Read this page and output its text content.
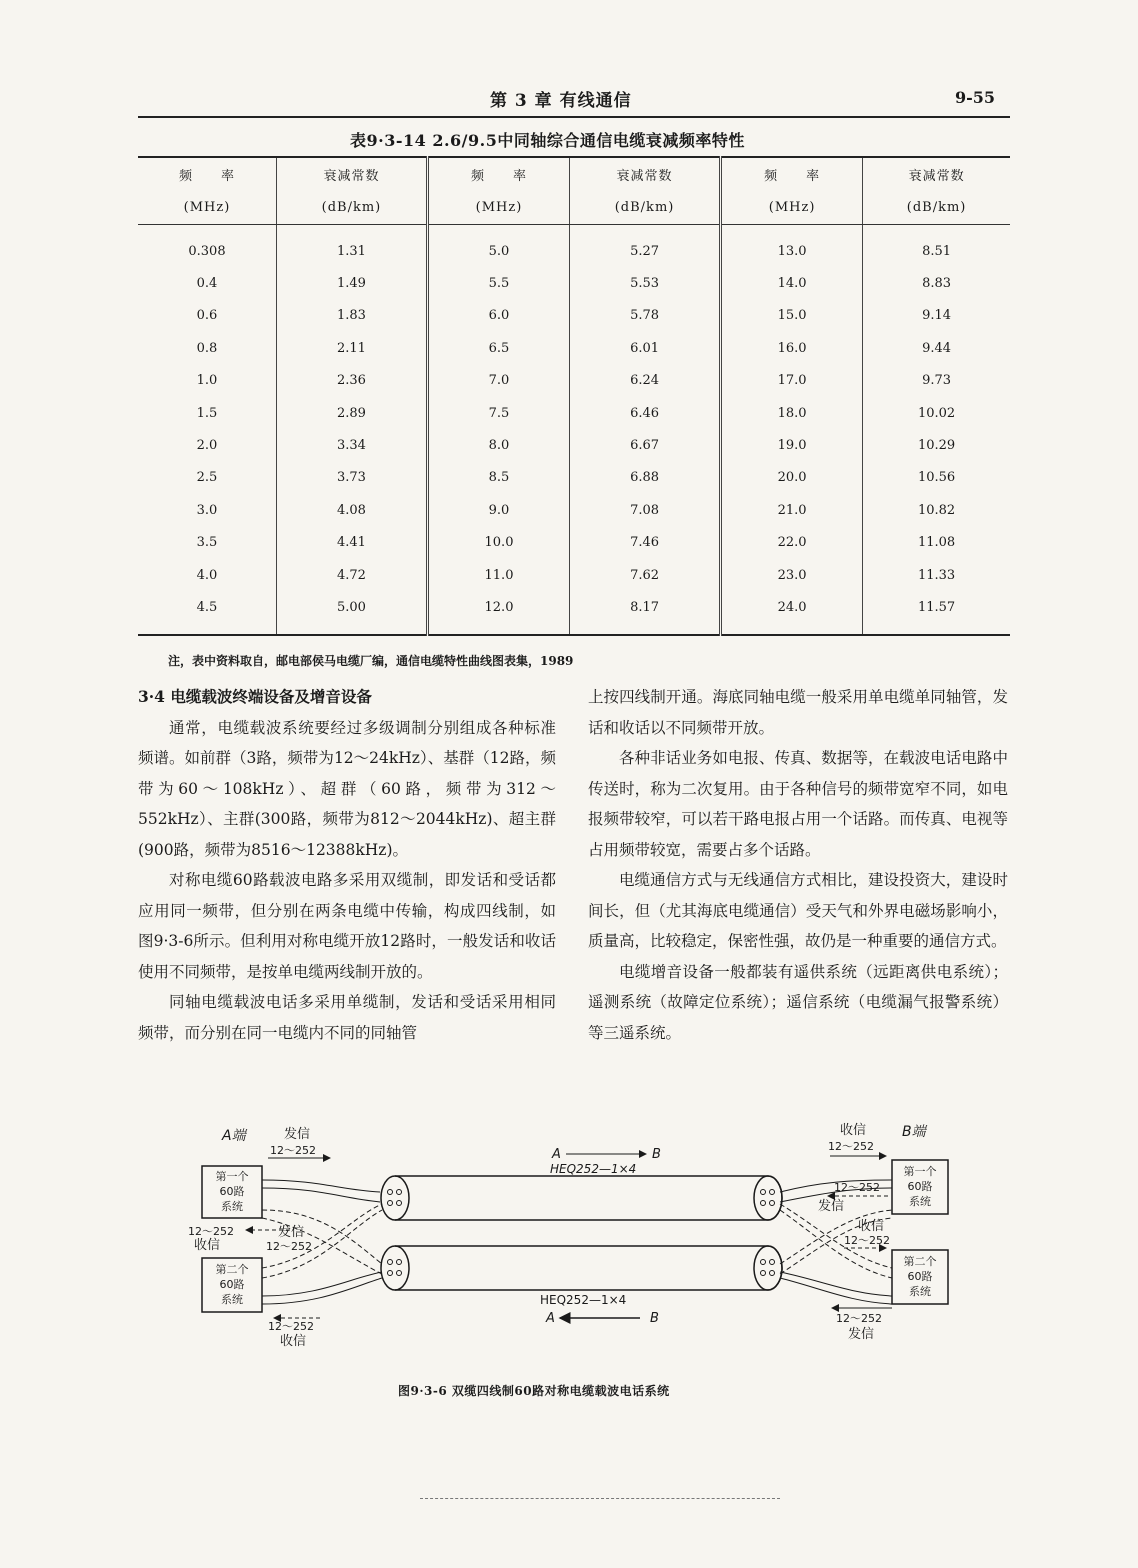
第 3 章 有线通信	9-55
表9·3-14 2.6/9.5中同轴综合通信电缆衰减频率特性
频　　率	衰减常数	频　　率	衰减常数	频　　率	衰减常数
(MHz)	(dB/km)	(MHz)	(dB/km)	(MHz)	(dB/km)
0.308	1.31	5.0	5.27	13.0	8.51
0.4	1.49	5.5	5.53	14.0	8.83
0.6	1.83	6.0	5.78	15.0	9.14
0.8	2.11	6.5	6.01	16.0	9.44
1.0	2.36	7.0	6.24	17.0	9.73
1.5	2.89	7.5	6.46	18.0	10.02
2.0	3.34	8.0	6.67	19.0	10.29
2.5	3.73	8.5	6.88	20.0	10.56
3.0	4.08	9.0	7.08	21.0	10.82
3.5	4.41	10.0	7.46	22.0	11.08
4.0	4.72	11.0	7.62	23.0	11.33
4.5	5.00	12.0	8.17	24.0	11.57
注，表中资料取自，邮电部侯马电缆厂编，通信电缆特性曲线图表集，1989

3·4 电缆载波终端设备及增音设备

通常，电缆载波系统要经过多级调制分别组成各种标准频谱。如前群（3路，频带为12～24kHz）、基群（12路，频带为60～108kHz）、超群（60路，频带为312～552kHz）、主群(300路，频带为812～2044kHz)、超主群(900路，频带为8516～12388kHz)。

对称电缆60路载波电路多采用双缆制，即发话和受话都应用同一频带，但分别在两条电缆中传输，构成四线制，如图9·3-6所示。但利用对称电缆开放12路时，一般发话和收话使用不同频带，是按单电缆两线制开放的。

同轴电缆载波电话多采用单缆制，发话和受话采用相同频带，而分别在同一电缆内不同的同轴管

上按四线制开通。海底同轴电缆一般采用单电缆单同轴管，发话和收话以不同频带开放。

各种非话业务如电报、传真、数据等，在载波电话电路中传送时，称为二次复用。由于各种信号的频带宽窄不同，如电报频带较窄，可以若干路电报占用一个话路。而传真、电视等占用频带较宽，需要占多个话路。

电缆通信方式与无线通信方式相比，建设投资大，建设时间长，但（尤其海底电缆通信）受天气和外界电磁场影响小，质量高，比较稳定，保密性强，故仍是一种重要的通信方式。

电缆增音设备一般都装有遥供系统（远距离供电系统）；遥测系统（故障定位系统）；遥信系统（电缆漏气报警系统）等三遥系统。

A端	发信
12～252
第一个
60路
系统
12～252
收信
发信
12～252
第二个
60路
系统
12～252
收信
A	B
HEQ252—1×4
HEQ252—1×4
A	B
收信	B端
12～252
第一个
60路
系统
12～252
发信
收信
12～252
第二个
60路
系统
12～252
发信
图9·3-6 双缆四线制60路对称电缆载波电话系统
